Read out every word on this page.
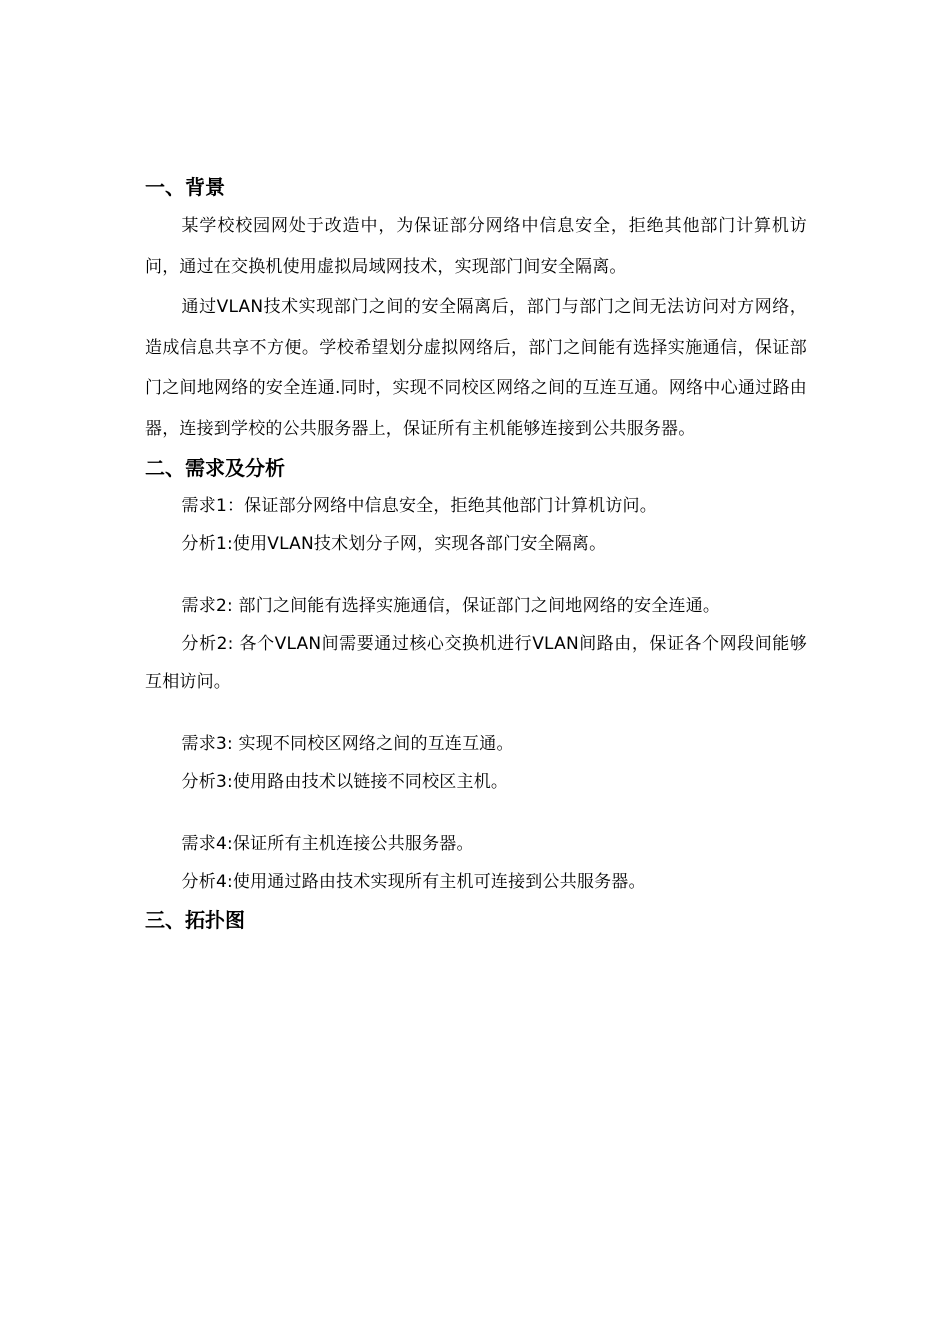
一、背景

某学校校园网处于改造中，为保证部分网络中信息安全，拒绝其他部门计算机访问，通过在交换机使用虚拟局域网技术，实现部门间安全隔离。

通过VLAN技术实现部门之间的安全隔离后，部门与部门之间无法访问对方网络，造成信息共享不方便。学校希望划分虚拟网络后，部门之间能有选择实施通信，保证部门之间地网络的安全连通.同时，实现不同校区网络之间的互连互通。网络中心通过路由器，连接到学校的公共服务器上，保证所有主机能够连接到公共服务器。

二、需求及分析

需求1：保证部分网络中信息安全，拒绝其他部门计算机访问。

分析1:使用VLAN技术划分子网，实现各部门安全隔离。

需求2: 部门之间能有选择实施通信，保证部门之间地网络的安全连通。

分析2: 各个VLAN间需要通过核心交换机进行VLAN间路由，保证各个网段间能够互相访问。

需求3: 实现不同校区网络之间的互连互通。

分析3:使用路由技术以链接不同校区主机。

需求4:保证所有主机连接公共服务器。

分析4:使用通过路由技术实现所有主机可连接到公共服务器。

三、拓扑图
